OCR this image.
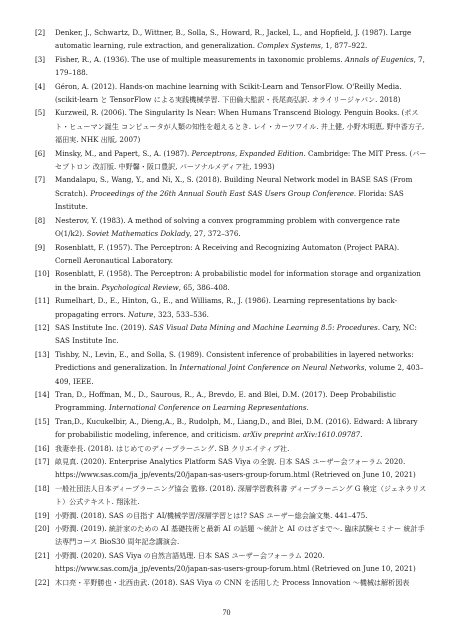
[2] Denker, J., Schwartz, D., Wittner, B., Solla, S., Howard, R., Jackel, L., and Hopfield, J. (1987). Large automatic learning, rule extraction, and generalization. Complex Systems, 1, 877–922.
[3] Fisher, R., A. (1936). The use of multiple measurements in taxonomic problems. Annals of Eugenics, 7, 179–188.
[4] Géron, A. (2012). Hands‐on machine learning with Scikit-Learn and TensorFlow. O'Reilly Media. (scikit-learn と TensorFlow による実践機械学習. 下田倫大監訳・長尾高弘訳. オライリージャパン. 2018)
[5] Kurzweil, R. (2006). The Singularity Is Near: When Humans Transcend Biology. Penguin Books. (ポスト・ヒューマン誕生 コンピュータが人類の知性を超えるとき. レイ・カーツワイル. 井上健, 小野木明恵, 野中香方子, 福田実. NHK 出版, 2007)
[6] Minsky, M., and Papert, S., A. (1987). Perceptrons, Expanded Edition. Cambridge: The MIT Press. (パーセプトロン 改訂版. 中野馨・阪口豊訳, パーソナルメディア社, 1993)
[7] Mandalapu, S., Wang, Y., and Ni, X., S. (2018). Building Neural Network model in BASE SAS (From Scratch). Proceedings of the 26th Annual South East SAS Users Group Conference. Florida: SAS Institute.
[8] Nesterov, Y. (1983). A method of solving a convex programming problem with convergence rate O(1/k2). Soviet Mathematics Doklady, 27, 372–376.
[9] Rosenblatt, F. (1957). The Perceptron: A Receiving and Recognizing Automaton (Project PARA). Cornell Aeronautical Laboratory.
[10] Rosenblatt, F. (1958). The Perceptron: A probabilistic model for information storage and organization in the brain. Psychological Review, 65, 386–408.
[11] Rumelhart, D., E., Hinton, G., E., and Williams, R., J. (1986). Learning representations by back-propagating errors. Nature, 323, 533–536.
[12] SAS Institute Inc. (2019). SAS Visual Data Mining and Machine Learning 8.5: Procedures. Cary, NC: SAS Institute Inc.
[13] Tishby, N., Levin, E., and Solla, S. (1989). Consistent inference of probabilities in layered networks: Predictions and generalization. In International Joint Conference on Neural Networks, volume 2, 403–409, IEEE.
[14] Tran, D., Hoffman, M., D., Saurous, R., A., Brevdo, E. and Blei, D.M. (2017). Deep Probabilistic Programming. International Conference on Learning Representations.
[15] Tran,D., Kucukelbir, A., Dieng,A., B., Rudolph, M., Liang,D., and Blei, D.M. (2016). Edward: A library for probabilistic modeling, inference, and criticism. arXiv preprint arXiv:1610.09787.
[16] 我妻幸長. (2018). はじめてのディープラーニング. SB クリエイティブ社.
[17] 畝見真. (2020). Enterprise Analytics Platform SAS Viya の全貌. 日本 SAS ユーザー会フォーラム 2020. https://www.sas.com/ja_jp/events/20/japan-sas-users-group-forum.html (Retrieved on June 10, 2021)
[18] 一般社団法人日本ディープラーニング協会 監修. (2018). 深層学習教科書 ディープラーニング G 検定（ジェネラリスト）公式テキスト. 翔泳社.
[19] 小野潤. (2018). SAS の目指す AI/機械学習/深層学習とは!? SAS ユーザー総会論文集. 441–475.
[20] 小野潤. (2019). 統計家のための AI 基礎技術と最新 AI の話題 〜統計と AI のはざまで〜. 臨床試験セミナー 統計手法専門コース BioS30 周年記念講演会.
[21] 小野潤. (2020). SAS Viya の自然言語処理. 日本 SAS ユーザー会フォーラム 2020. https://www.sas.com/ja_jp/events/20/japan-sas-users-group-forum.html (Retrieved on June 10, 2021)
[22] 木口亮・平野勝也・北西由武. (2018). SAS Viya の CNN を活用した Process Innovation 〜機械は解析図表
70
